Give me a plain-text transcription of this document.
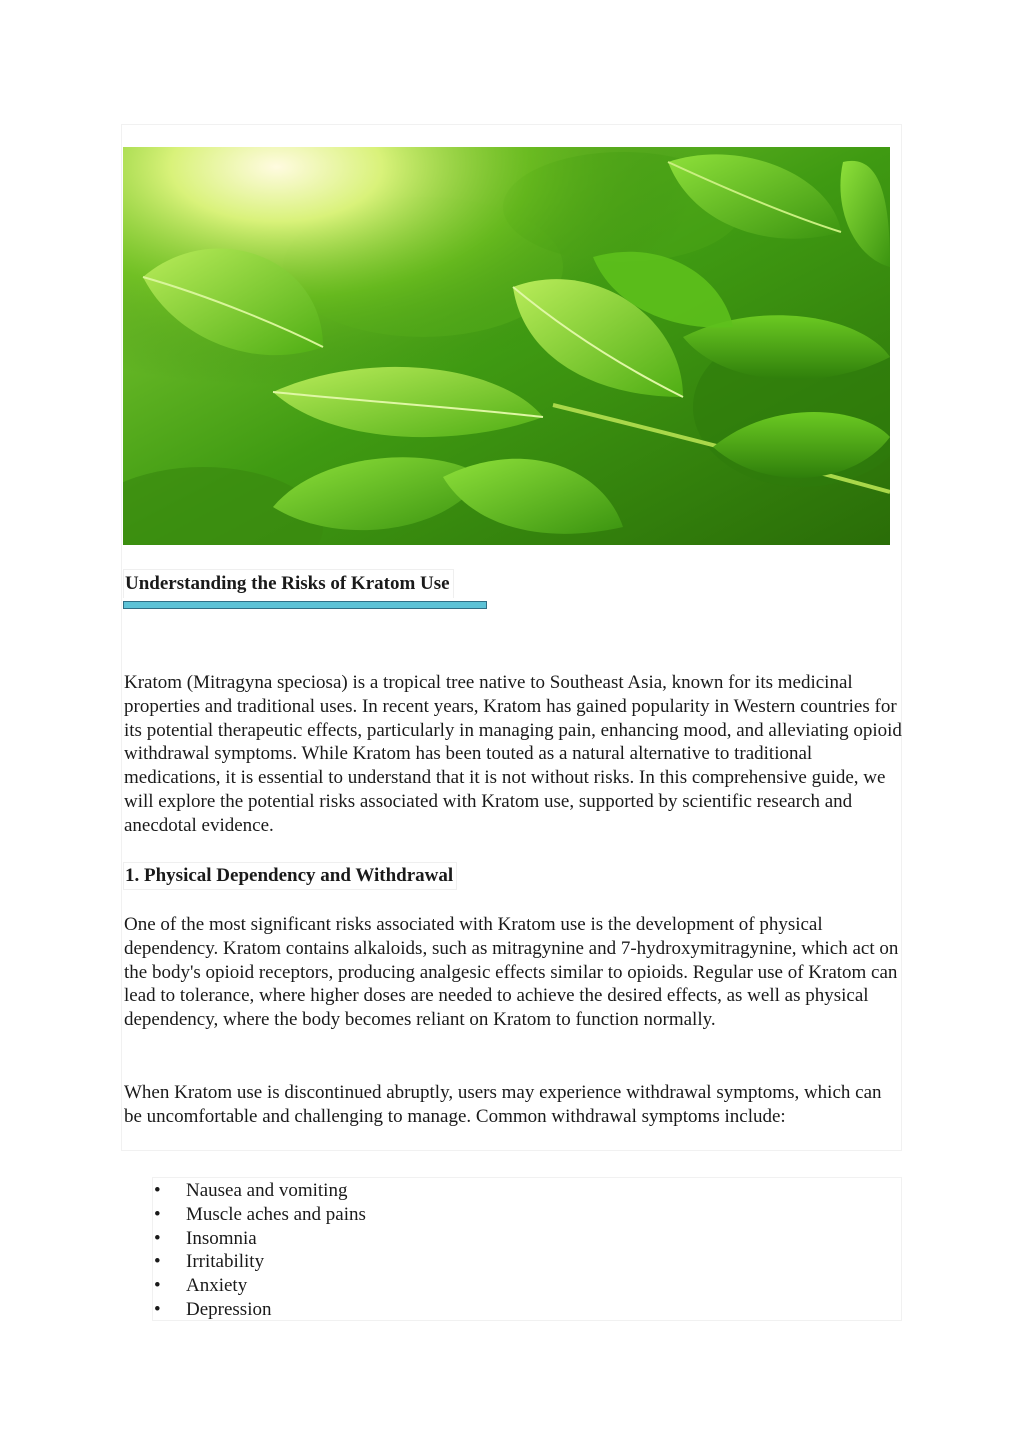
Understanding the Risks of Kratom Use

Kratom (Mitragyna speciosa) is a tropical tree native to Southeast Asia, known for its medicinal properties and traditional uses. In recent years, Kratom has gained popularity in Western countries for its potential therapeutic effects, particularly in managing pain, enhancing mood, and alleviating opioid withdrawal symptoms. While Kratom has been touted as a natural alternative to traditional medications, it is essential to understand that it is not without risks. In this comprehensive guide, we will explore the potential risks associated with Kratom use, supported by scientific research and anecdotal evidence.

1. Physical Dependency and Withdrawal

One of the most significant risks associated with Kratom use is the development of physical dependency. Kratom contains alkaloids, such as mitragynine and 7-hydroxymitragynine, which act on the body's opioid receptors, producing analgesic effects similar to opioids. Regular use of Kratom can lead to tolerance, where higher doses are needed to achieve the desired effects, as well as physical dependency, where the body becomes reliant on Kratom to function normally.

When Kratom use is discontinued abruptly, users may experience withdrawal symptoms, which can be uncomfortable and challenging to manage. Common withdrawal symptoms include:

• Nausea and vomiting
• Muscle aches and pains
• Insomnia
• Irritability
• Anxiety
• Depression
